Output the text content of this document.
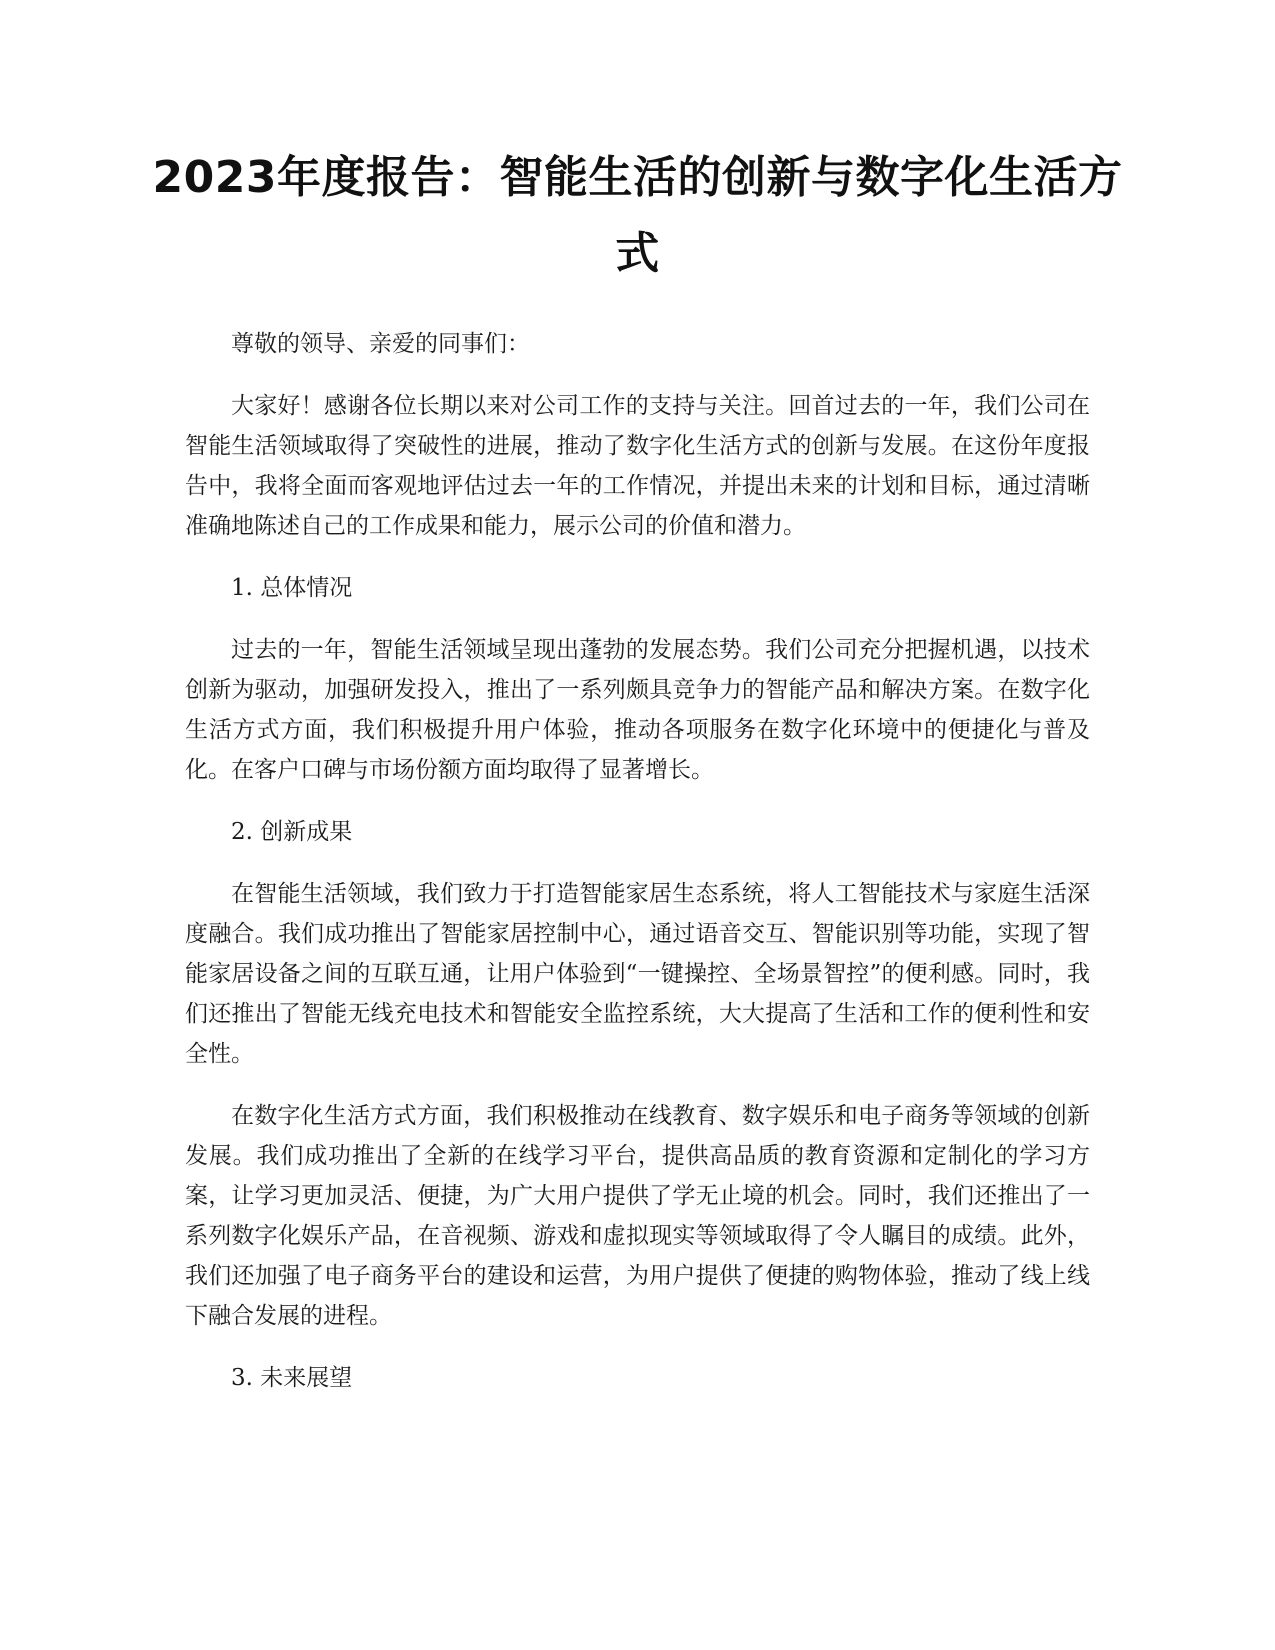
2023年度报告：智能生活的创新与数字化生活方式

尊敬的领导、亲爱的同事们：

大家好！感谢各位长期以来对公司工作的支持与关注。回首过去的一年，我们公司在智能生活领域取得了突破性的进展，推动了数字化生活方式的创新与发展。在这份年度报告中，我将全面而客观地评估过去一年的工作情况，并提出未来的计划和目标，通过清晰准确地陈述自己的工作成果和能力，展示公司的价值和潜力。

1. 总体情况

过去的一年，智能生活领域呈现出蓬勃的发展态势。我们公司充分把握机遇，以技术创新为驱动，加强研发投入，推出了一系列颇具竞争力的智能产品和解决方案。在数字化生活方式方面，我们积极提升用户体验，推动各项服务在数字化环境中的便捷化与普及化。在客户口碑与市场份额方面均取得了显著增长。

2. 创新成果

在智能生活领域，我们致力于打造智能家居生态系统，将人工智能技术与家庭生活深度融合。我们成功推出了智能家居控制中心，通过语音交互、智能识别等功能，实现了智能家居设备之间的互联互通，让用户体验到“一键操控、全场景智控”的便利感。同时，我们还推出了智能无线充电技术和智能安全监控系统，大大提高了生活和工作的便利性和安全性。

在数字化生活方式方面，我们积极推动在线教育、数字娱乐和电子商务等领域的创新发展。我们成功推出了全新的在线学习平台，提供高品质的教育资源和定制化的学习方案，让学习更加灵活、便捷，为广大用户提供了学无止境的机会。同时，我们还推出了一系列数字化娱乐产品，在音视频、游戏和虚拟现实等领域取得了令人瞩目的成绩。此外，我们还加强了电子商务平台的建设和运营，为用户提供了便捷的购物体验，推动了线上线下融合发展的进程。

3. 未来展望
